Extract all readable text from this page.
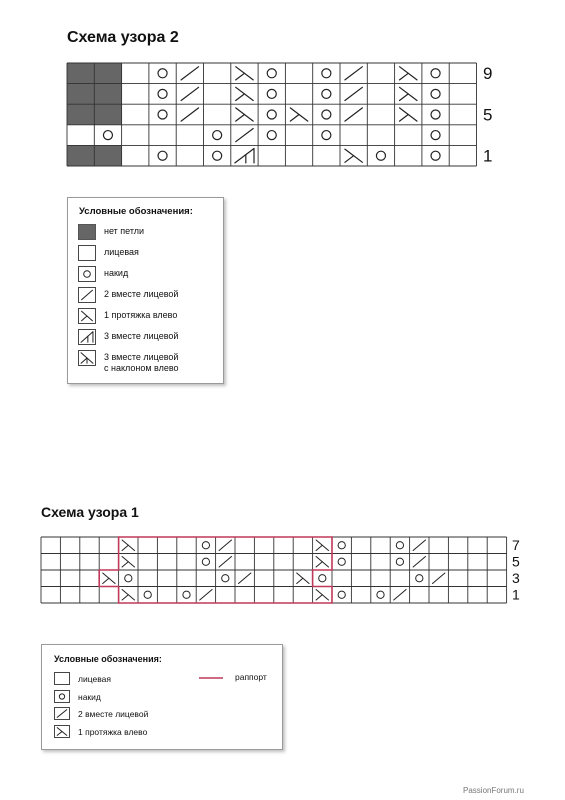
Схема узора 2
9
5
1
Условные обозначения:
нет петли
лицевая
накид
2 вместе лицевой
1 протяжка влево
3 вместе лицевой
3 вместе лицевой
с наклоном влево
Схема узора 1
7
5
3
1
Условные обозначения:
раппорт
лицевая
накид
2 вместе лицевой
1 протяжка влево
PassionForum.ru
